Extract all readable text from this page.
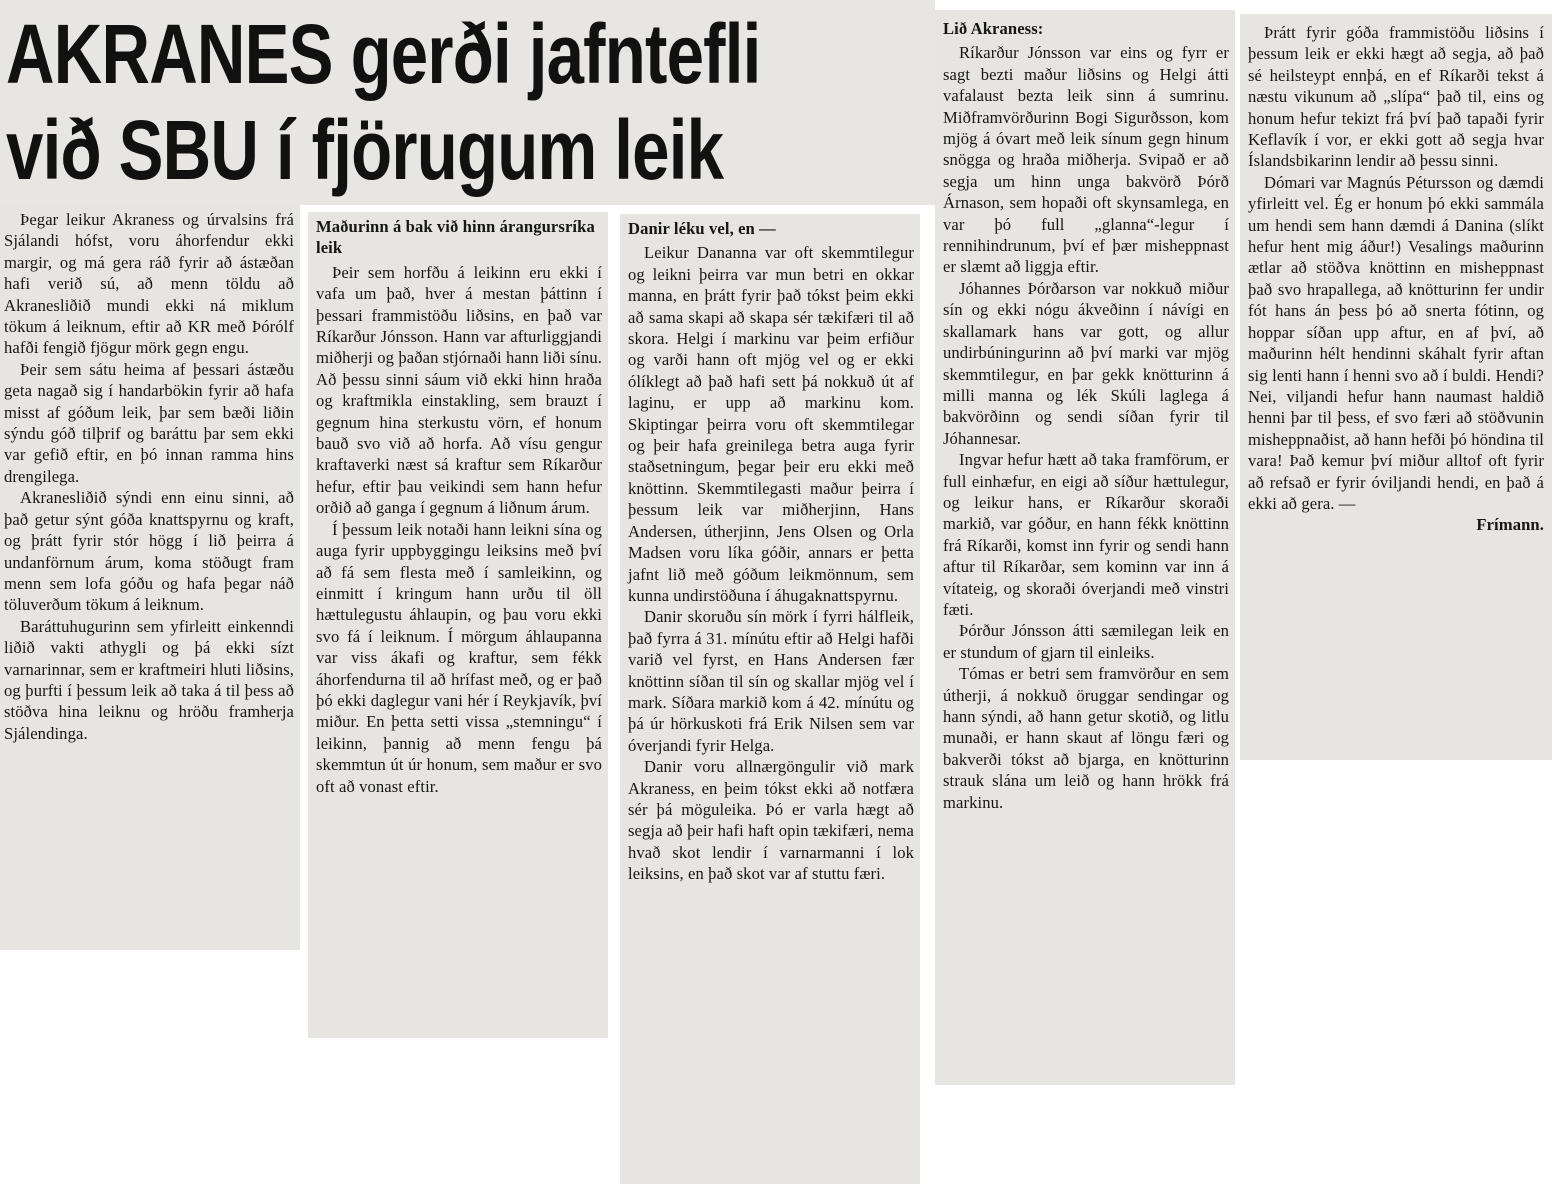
AKRANES gerði jafntefli
við SBU í fjörugum leik

Þegar leikur Akraness og úrvalsins frá Sjálandi hófst, voru áhorfendur ekki margir, og má gera ráð fyrir að ástæðan hafi verið sú, að menn töldu að Akranesliðið mundi ekki ná miklum tökum á leiknum, eftir að KR með Þórólf hafði fengið fjögur mörk gegn engu.

Þeir sem sátu heima af þessari ástæðu geta nagað sig í handarbökin fyrir að hafa misst af góðum leik, þar sem bæði liðin sýndu góð tilþrif og baráttu þar sem ekki var gefið eftir, en þó innan ramma hins drengilega.

Akranesliðið sýndi enn einu sinni, að það getur sýnt góða knattspyrnu og kraft, og þrátt fyrir stór högg í lið þeirra á undanförnum árum, koma stöðugt fram menn sem lofa góðu og hafa þegar náð töluverðum tökum á leiknum.

Baráttuhugurinn sem yfirleitt einkenndi liðið vakti athygli og þá ekki sízt varnarinnar, sem er kraftmeiri hluti liðsins, og þurfti í þessum leik að taka á til þess að stöðva hina leiknu og hröðu framherja Sjálendinga.

Maðurinn á bak við hinn árangursríka leik

Þeir sem horfðu á leikinn eru ekki í vafa um það, hver á mestan þáttinn í þessari frammistöðu liðsins, en það var Ríkarður Jónsson. Hann var afturliggjandi miðherji og þaðan stjórnaði hann liði sínu. Að þessu sinni sáum við ekki hinn hraða og kraftmikla einstakling, sem brauzt í gegnum hina sterkustu vörn, ef honum bauð svo við að horfa. Að vísu gengur kraftaverki næst sá kraftur sem Ríkarður hefur, eftir þau veikindi sem hann hefur orðið að ganga í gegnum á liðnum árum.

Í þessum leik notaði hann leikni sína og auga fyrir uppbyggingu leiksins með því að fá sem flesta með í samleikinn, og einmitt í kringum hann urðu til öll hættulegustu áhlaupin, og þau voru ekki svo fá í leiknum. Í mörgum áhlaupanna var viss ákafi og kraftur, sem fékk áhorfendurna til að hrífast með, og er það þó ekki daglegur vani hér í Reykjavík, því miður. En þetta setti vissa „stemningu“ í leikinn, þannig að menn fengu þá skemmtun út úr honum, sem maður er svo oft að vonast eftir.

Danir léku vel, en —

Leikur Dananna var oft skemmtilegur og leikni þeirra var mun betri en okkar manna, en þrátt fyrir það tókst þeim ekki að sama skapi að skapa sér tækifæri til að skora. Helgi í markinu var þeim erfiður og varði hann oft mjög vel og er ekki ólíklegt að það hafi sett þá nokkuð út af laginu, er upp að markinu kom. Skiptingar þeirra voru oft skemmtilegar og þeir hafa greinilega betra auga fyrir staðsetningum, þegar þeir eru ekki með knöttinn. Skemmtilegasti maður þeirra í þessum leik var miðherjinn, Hans Andersen, útherjinn, Jens Olsen og Orla Madsen voru líka góðir, annars er þetta jafnt lið með góðum leikmönnum, sem kunna undirstöðuna í áhugaknattspyrnu.

Danir skoruðu sín mörk í fyrri hálfleik, það fyrra á 31. mínútu eftir að Helgi hafði varið vel fyrst, en Hans Andersen fær knöttinn síðan til sín og skallar mjög vel í mark. Síðara markið kom á 42. mínútu og þá úr hörkuskoti frá Erik Nilsen sem var óverjandi fyrir Helga.

Danir voru allnærgöngulir við mark Akraness, en þeim tókst ekki að notfæra sér þá möguleika. Þó er varla hægt að segja að þeir hafi haft opin tækifæri, nema hvað skot lendir í varnarmanni í lok leiksins, en það skot var af stuttu færi.

Lið Akraness:

Ríkarður Jónsson var eins og fyrr er sagt bezti maður liðsins og Helgi átti vafalaust bezta leik sinn á sumrinu. Miðframvörðurinn Bogi Sigurðsson, kom mjög á óvart með leik sínum gegn hinum snögga og hraða miðherja. Svipað er að segja um hinn unga bakvörð Þórð Árnason, sem hopaði oft skynsamlega, en var þó full „glanna“-legur í rennihindrunum, því ef þær misheppnast er slæmt að liggja eftir.

Jóhannes Þórðarson var nokkuð miður sín og ekki nógu ákveðinn í návígi en skallamark hans var gott, og allur undirbúningurinn að því marki var mjög skemmtilegur, en þar gekk knötturinn á milli manna og lék Skúli laglega á bakvörðinn og sendi síðan fyrir til Jóhannesar.

Ingvar hefur hætt að taka framförum, er full einhæfur, en eigi að síður hættulegur, og leikur hans, er Ríkarður skoraði markið, var góður, en hann fékk knöttinn frá Ríkarði, komst inn fyrir og sendi hann aftur til Ríkarðar, sem kominn var inn á vítateig, og skoraði óverjandi með vinstri fæti.

Þórður Jónsson átti sæmilegan leik en er stundum of gjarn til einleiks.

Tómas er betri sem framvörður en sem útherji, á nokkuð öruggar sendingar og hann sýndi, að hann getur skotið, og litlu munaði, er hann skaut af löngu færi og bakverði tókst að bjarga, en knötturinn strauk slána um leið og hann hrökk frá markinu.

Þrátt fyrir góða frammistöðu liðsins í þessum leik er ekki hægt að segja, að það sé heilsteypt ennþá, en ef Ríkarði tekst á næstu vikunum að „slípa“ það til, eins og honum hefur tekizt frá því það tapaði fyrir Keflavík í vor, er ekki gott að segja hvar Íslandsbikarinn lendir að þessu sinni.

Dómari var Magnús Pétursson og dæmdi yfirleitt vel. Ég er honum þó ekki sammála um hendi sem hann dæmdi á Danina (slíkt hefur hent mig áður!) Vesalings maðurinn ætlar að stöðva knöttinn en misheppnast það svo hrapallega, að knötturinn fer undir fót hans án þess þó að snerta fótinn, og hoppar síðan upp aftur, en af því, að maðurinn hélt hendinni skáhalt fyrir aftan sig lenti hann í henni svo að í buldi. Hendi? Nei, viljandi hefur hann naumast haldið henni þar til þess, ef svo færi að stöðvunin misheppnaðist, að hann hefði þó höndina til vara! Það kemur því miður alltof oft fyrir að refsað er fyrir óviljandi hendi, en það á ekki að gera. —

Frímann.
